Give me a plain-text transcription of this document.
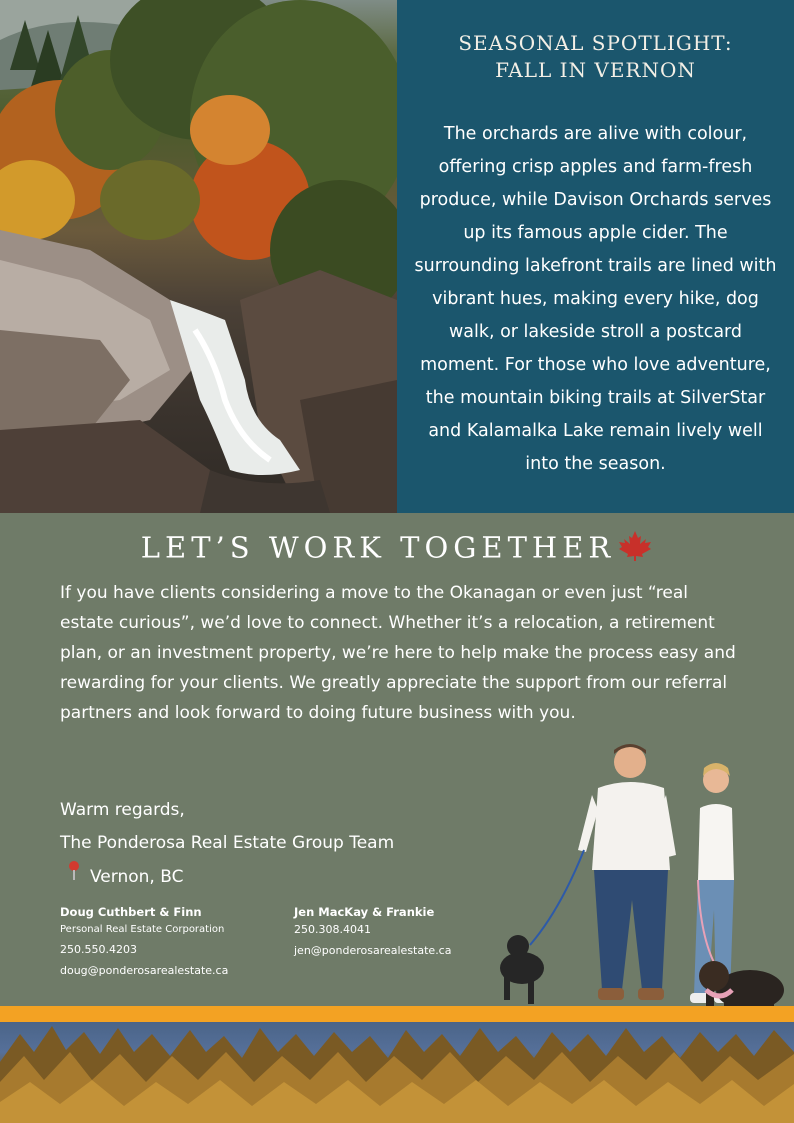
SEASONAL SPOTLIGHT:
FALL IN VERNON

The orchards are alive with colour, offering crisp apples and farm-fresh produce, while Davison Orchards serves up its famous apple cider. The surrounding lakefront trails are lined with vibrant hues, making every hike, dog walk, or lakeside stroll a postcard moment. For those who love adventure, the mountain biking trails at SilverStar and Kalamalka Lake remain lively well into the season.

LET’S WORK TOGETHER

If you have clients considering a move to the Okanagan or even just “real estate curious”, we’d love to connect. Whether it’s a relocation, a retirement plan, or an investment property, we’re here to help make the process easy and rewarding for your clients. We greatly appreciate the support from our referral partners and look forward to doing future business with you.

Warm regards,
The Ponderosa Real Estate Group Team
Vernon, BC
Doug Cuthbert & Finn
Personal Real Estate Corporation
250.550.4203
doug@ponderosarealestate.ca
Jen MacKay & Frankie
250.308.4041
jen@ponderosarealestate.ca
